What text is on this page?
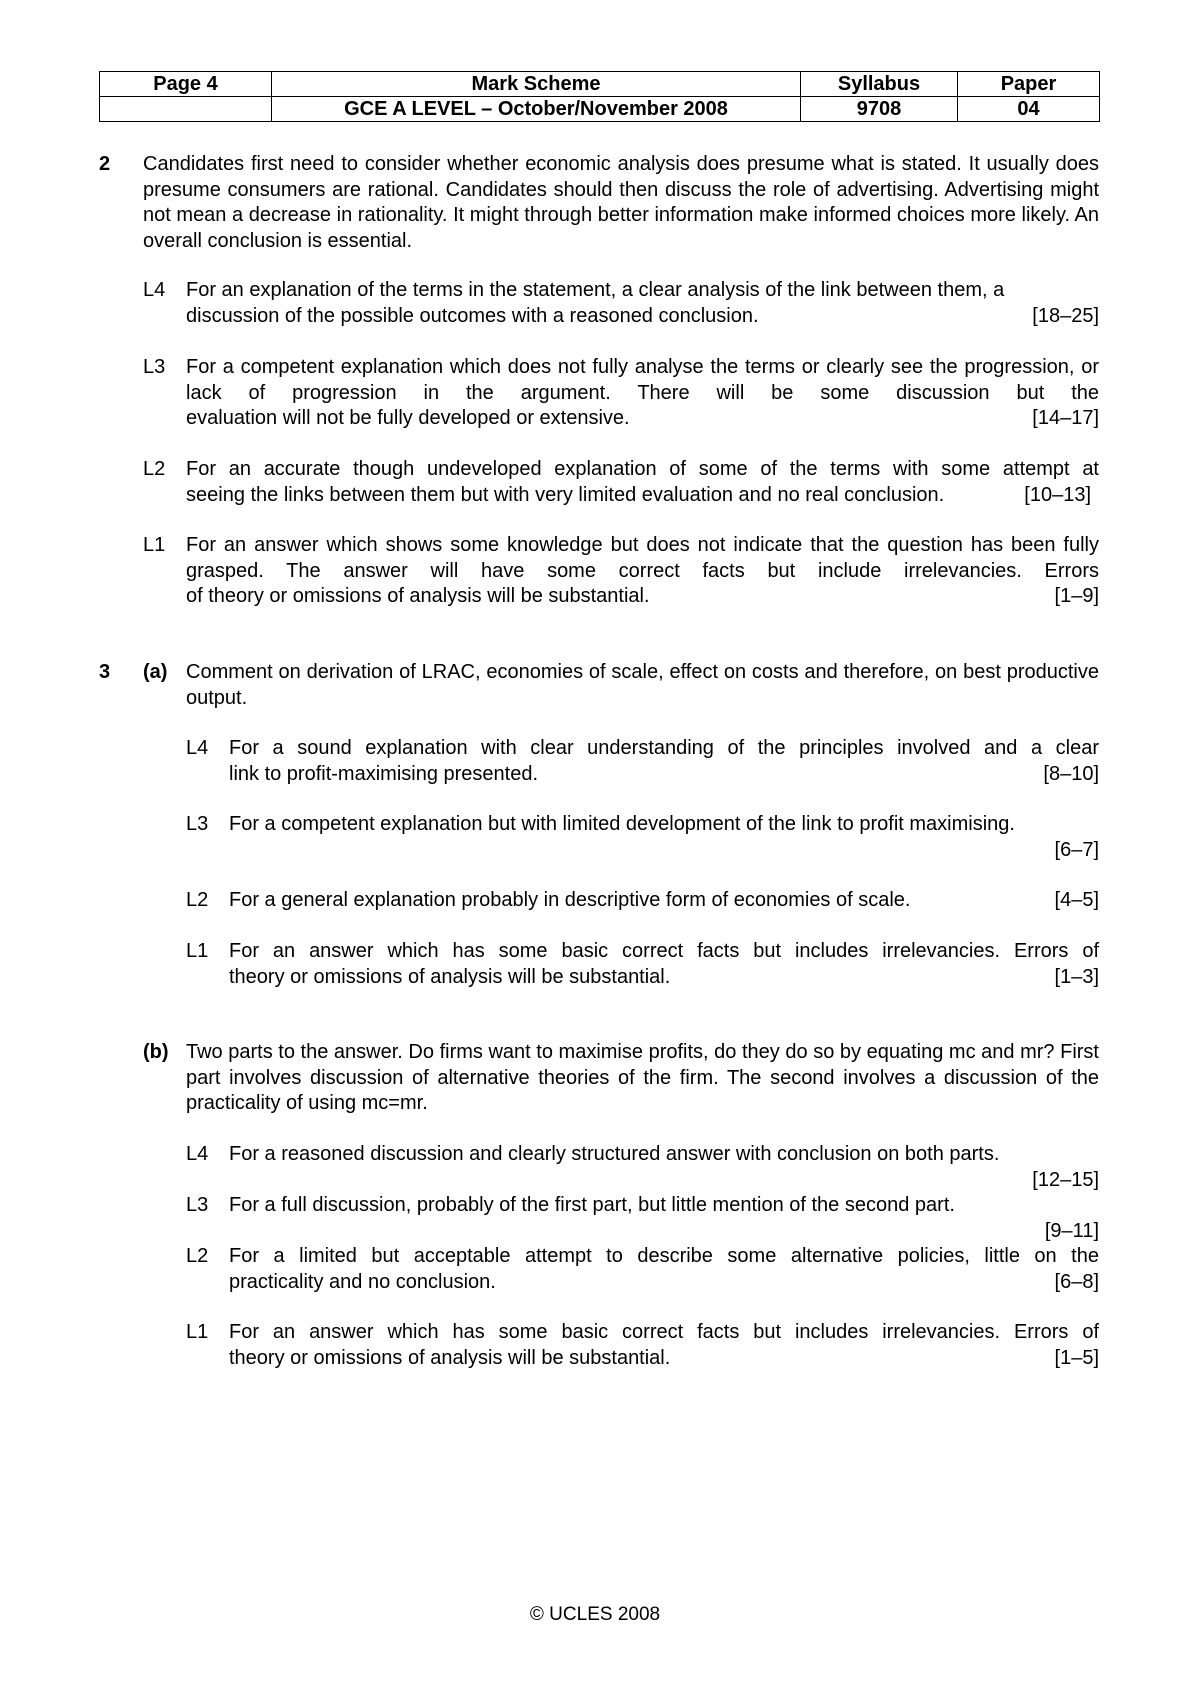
Page 4	Mark Scheme	Syllabus	Paper
	GCE A LEVEL – October/November 2008	9708	04
2 Candidates first need to consider whether economic analysis does presume what is stated. It usually does presume consumers are rational. Candidates should then discuss the role of advertising. Advertising might not mean a decrease in rationality. It might through better information make informed choices more likely. An overall conclusion is essential.
L4 For an explanation of the terms in the statement, a clear analysis of the link between them, a
discussion of the possible outcomes with a reasoned conclusion.	[18–25]
L3 For a competent explanation which does not fully analyse the terms or clearly see the progression, or lack of progression in the argument. There will be some discussion but the
evaluation will not be fully developed or extensive.	[14–17]
L2 For an accurate though undeveloped explanation of some of the terms with some attempt at
seeing the links between them but with very limited evaluation and no real conclusion.	[10–13]
L1 For an answer which shows some knowledge but does not indicate that the question has been fully grasped. The answer will have some correct facts but include irrelevancies. Errors
of theory or omissions of analysis will be substantial.	[1–9]
3 (a) Comment on derivation of LRAC, economies of scale, effect on costs and therefore, on best productive output.
L4 For a sound explanation with clear understanding of the principles involved and a clear
link to profit-maximising presented.	[8–10]
L3 For a competent explanation but with limited development of the link to profit maximising.
[6–7]
L2 For a general explanation probably in descriptive form of economies of scale.	[4–5]
L1 For an answer which has some basic correct facts but includes irrelevancies. Errors of
theory or omissions of analysis will be substantial.	[1–3]
(b) Two parts to the answer. Do firms want to maximise profits, do they do so by equating mc and mr? First part involves discussion of alternative theories of the firm. The second involves a discussion of the practicality of using mc=mr.
L4 For a reasoned discussion and clearly structured answer with conclusion on both parts.
[12–15]
L3 For a full discussion, probably of the first part, but little mention of the second part.
[9–11]
L2 For a limited but acceptable attempt to describe some alternative policies, little on the
practicality and no conclusion.	[6–8]
L1 For an answer which has some basic correct facts but includes irrelevancies. Errors of
theory or omissions of analysis will be substantial.	[1–5]
© UCLES 2008
